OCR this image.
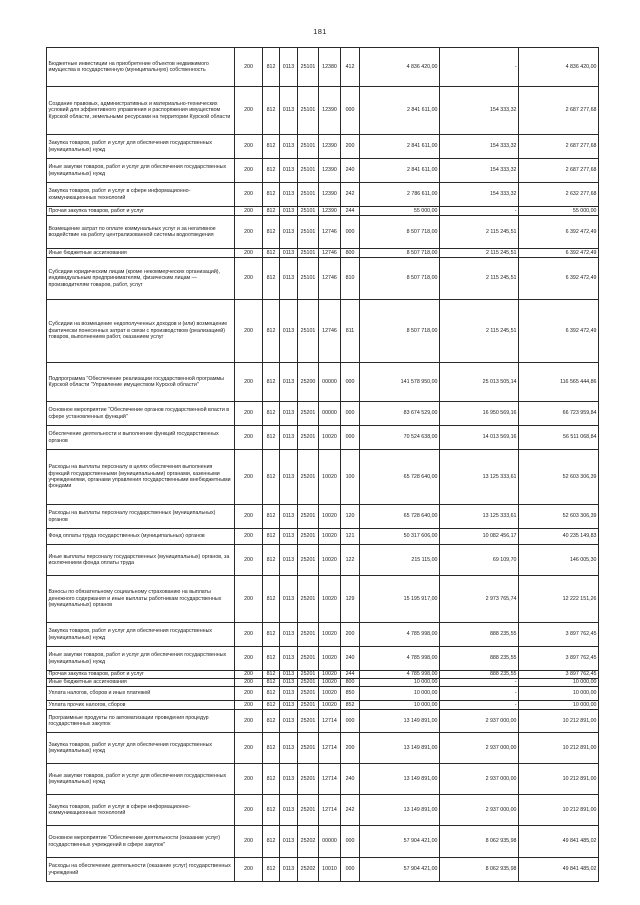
181
Бюджетные инвестиции на приобретение объектов недвижимого имущества в государственную (муниципальную) собственность	200	812	0113	25101	12380	412	4 836 420,00	-	4 836 420,00
Создание правовых, административных и материально-технических условий для эффективного управления и распоряжения имуществом Курской области, земельными ресурсами на территории Курской области	200	812	0113	25101	12390	000	2 841 611,00	154 333,32	2 687 277,68
Закупка товаров, работ и услуг для обеспечения государственных (муниципальных) нужд	200	812	0113	25101	12390	200	2 841 611,00	154 333,32	2 687 277,68
Иные закупки товаров, работ и услуг для обеспечения государственных (муниципальных) нужд	200	812	0113	25101	12390	240	2 841 611,00	154 333,32	2 687 277,68
Закупка товаров, работ и услуг в сфере информационно-коммуникационных технологий	200	812	0113	25101	12390	242	2 786 611,00	154 333,32	2 632 277,68
Прочая закупка товаров, работ и услуг	200	812	0113	25101	12390	244	55 000,00	-	55 000,00
Возмещение затрат по оплате коммунальных услуг и за негативное воздействие на работу централизованной системы водоотведения	200	812	0113	25101	12746	000	8 507 718,00	2 115 245,51	6 392 472,49
Иные бюджетные ассигнования	200	812	0113	25101	12746	800	8 507 718,00	2 115 245,51	6 392 472,49
Субсидии юридическим лицам (кроме некоммерческих организаций), индивидуальным предпринимателям, физическим лицам — производителям товаров, работ, услуг	200	812	0113	25101	12746	810	8 507 718,00	2 115 245,51	6 392 472,49
Субсидии на возмещение недополученных доходов и (или) возмещение фактически понесенных затрат в связи с производством (реализацией) товаров, выполнением работ, оказанием услуг	200	812	0113	25101	12746	811	8 507 718,00	2 115 245,51	6 392 472,49
Подпрограмма "Обеспечение реализации государственной программы Курской области "Управление имуществом Курской области"	200	812	0113	25200	00000	000	141 578 950,00	25 013 505,14	116 565 444,86
Основное мероприятие "Обеспечение органов государственной власти в сфере установленных функций"	200	812	0113	25201	00000	000	83 674 529,00	16 950 569,16	66 723 959,84
Обеспечение деятельности и выполнение функций государственных органов	200	812	0113	25201	10020	000	70 524 638,00	14 013 569,16	56 511 068,84
Расходы на выплаты персоналу в целях обеспечения выполнения функций государственными (муниципальными) органами, казенными учреждениями, органами управления государственными внебюджетными фондами	200	812	0113	25201	10020	100	65 728 640,00	13 125 333,61	52 603 306,39
Расходы на выплаты персоналу государственных (муниципальных) органов	200	812	0113	25201	10020	120	65 728 640,00	13 125 333,61	52 603 306,39
Фонд оплаты труда государственных (муниципальных) органов	200	812	0113	25201	10020	121	50 317 606,00	10 082 456,17	40 235 149,83
Иные выплаты персоналу государственных (муниципальных) органов, за исключением фонда оплаты труда	200	812	0113	25201	10020	122	215 115,00	69 109,70	146 005,30
Взносы по обязательному социальному страхованию на выплаты денежного содержания и иные выплаты работникам государственных (муниципальных) органов	200	812	0113	25201	10020	129	15 195 917,00	2 973 765,74	12 222 151,26
Закупка товаров, работ и услуг для обеспечения государственных (муниципальных) нужд	200	812	0113	25201	10020	200	4 785 998,00	888 235,55	3 897 762,45
Иные закупки товаров, работ и услуг для обеспечения государственных (муниципальных) нужд	200	812	0113	25201	10020	240	4 785 998,00	888 235,55	3 897 762,45
Прочая закупка товаров, работ и услуг	200	812	0113	25201	10020	244	4 785 998,00	888 235,55	3 897 762,45
Иные бюджетные ассигнования	200	812	0113	25201	10020	800	10 000,00	-	10 000,00
Уплата налогов, сборов и иных платежей	200	812	0113	25201	10020	850	10 000,00	-	10 000,00
Уплата прочих налогов, сборов	200	812	0113	25201	10020	852	10 000,00	-	10 000,00
Программные продукты по автоматизации проведения процедур государственных закупок	200	812	0113	25201	12714	000	13 149 891,00	2 937 000,00	10 212 891,00
Закупка товаров, работ и услуг для обеспечения государственных (муниципальных) нужд	200	812	0113	25201	12714	200	13 149 891,00	2 937 000,00	10 212 891,00
Иные закупки товаров, работ и услуг для обеспечения государственных (муниципальных) нужд	200	812	0113	25201	12714	240	13 149 891,00	2 937 000,00	10 212 891,00
Закупка товаров, работ и услуг в сфере информационно-коммуникационных технологий	200	812	0113	25201	12714	242	13 149 891,00	2 937 000,00	10 212 891,00
Основное мероприятие "Обеспечение деятельности (оказание услуг) государственных учреждений в сфере закупок"	200	812	0113	25202	00000	000	57 904 421,00	8 062 935,98	49 841 485,02
Расходы на обеспечение деятельности (оказание услуг) государственных учреждений	200	812	0113	25202	10010	000	57 904 421,00	8 062 935,98	49 841 485,02
